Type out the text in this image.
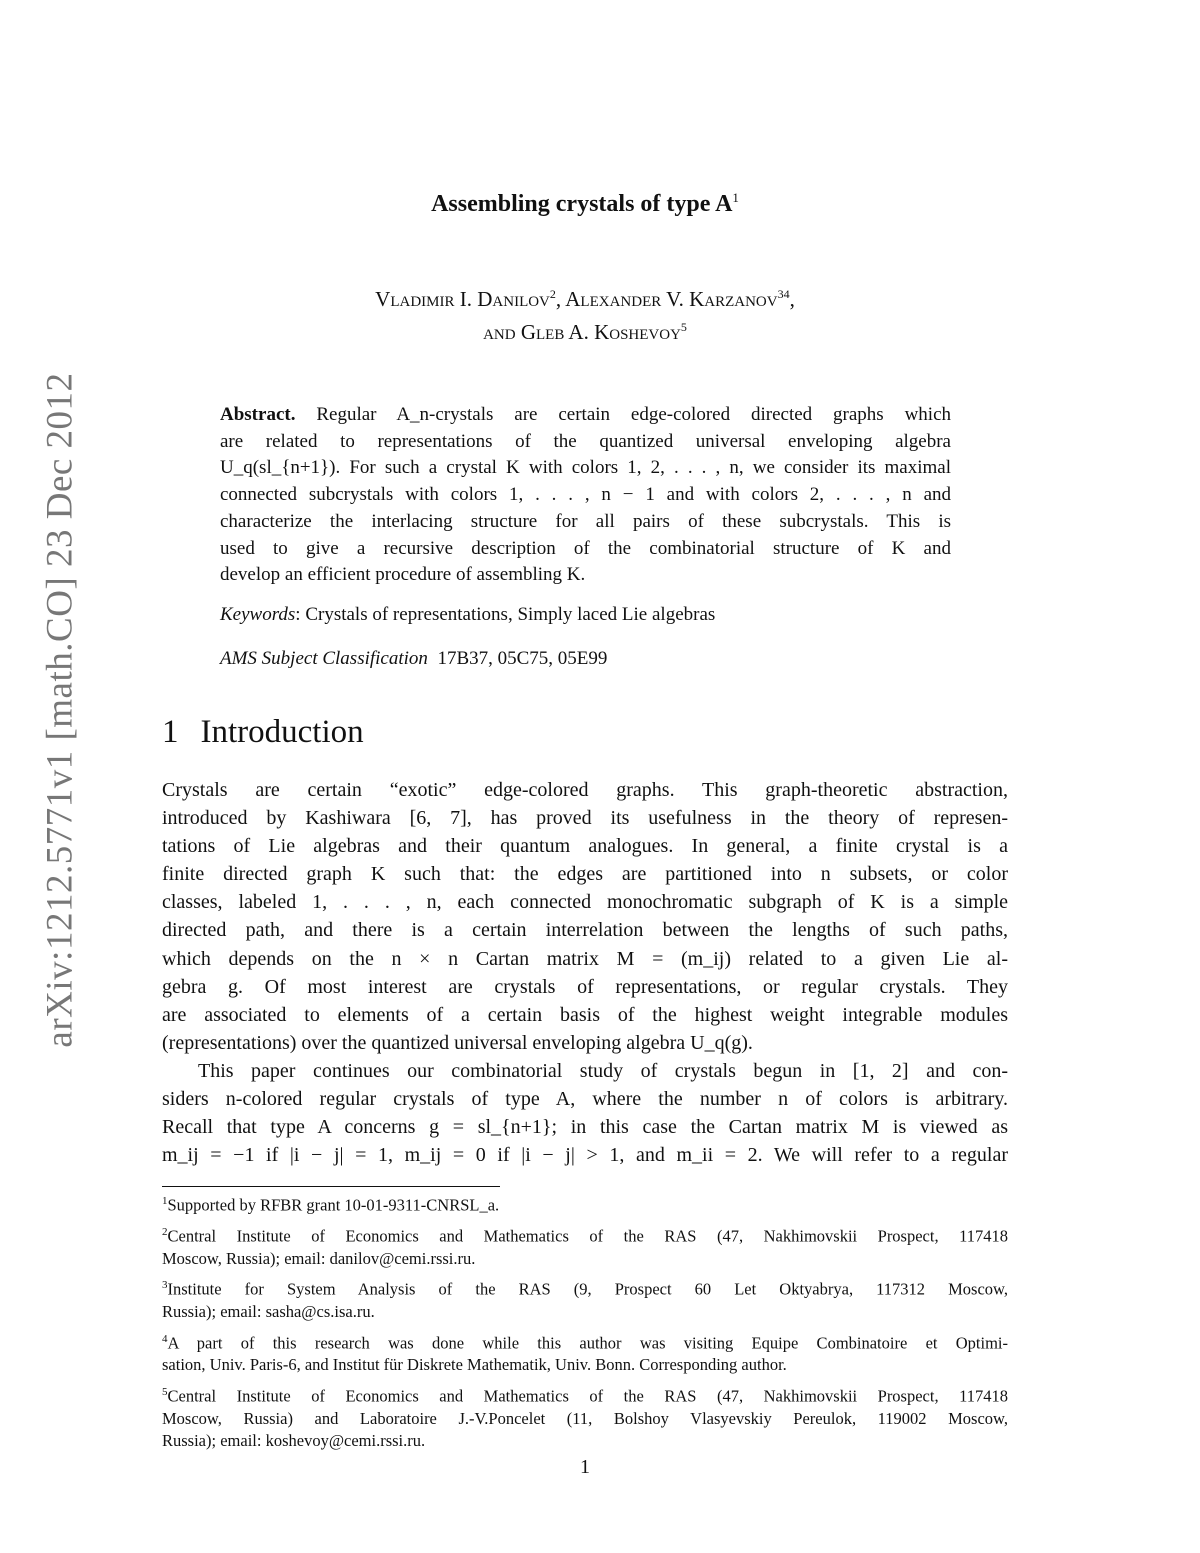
arXiv:1212.5771v1 [math.CO] 23 Dec 2012
Assembling crystals of type $A^1$
Vladimir I. Danilov$^2$, Alexander V. Karzanov$^{34}$,
and Gleb A. Koshevoy$^5$
Abstract. Regular A_n-crystals are certain edge-colored directed graphs which
are related to representations of the quantized universal enveloping algebra
U_q(sl_{n+1}). For such a crystal K with colors 1, 2, . . . , n, we consider its maximal
connected subcrystals with colors 1, . . . , n − 1 and with colors 2, . . . , n and
characterize the interlacing structure for all pairs of these subcrystals. This is
used to give a recursive description of the combinatorial structure of K and
develop an efficient procedure of assembling K.
Keywords: Crystals of representations, Simply laced Lie algebras
AMS Subject Classification 17B37, 05C75, 05E99
1 Introduction
Crystals are certain “exotic” edge-colored graphs. This graph-theoretic abstraction,
introduced by Kashiwara [6, 7], has proved its usefulness in the theory of represen-
tations of Lie algebras and their quantum analogues. In general, a finite crystal is a
finite directed graph K such that: the edges are partitioned into n subsets, or color
classes, labeled 1, . . . , n, each connected monochromatic subgraph of K is a simple
directed path, and there is a certain interrelation between the lengths of such paths,
which depends on the n × n Cartan matrix M = (m_ij) related to a given Lie al-
gebra g. Of most interest are crystals of representations, or regular crystals. They
are associated to elements of a certain basis of the highest weight integrable modules
(representations) over the quantized universal enveloping algebra U_q(g).
This paper continues our combinatorial study of crystals begun in [1, 2] and con-
siders n-colored regular crystals of type A, where the number n of colors is arbitrary.
Recall that type A concerns g = sl_{n+1}; in this case the Cartan matrix M is viewed as
m_ij = −1 if |i − j| = 1, m_ij = 0 if |i − j| > 1, and m_ii = 2. We will refer to a regular
$^1$Supported by RFBR grant 10-01-9311-CNRSL_a.
$^2$Central Institute of Economics and Mathematics of the RAS (47, Nakhimovskii Prospect, 117418
Moscow, Russia); email: danilov@cemi.rssi.ru.
$^3$Institute for System Analysis of the RAS (9, Prospect 60 Let Oktyabrya, 117312 Moscow,
Russia); email: sasha@cs.isa.ru.
$^4$A part of this research was done while this author was visiting Equipe Combinatoire et Optimi-
sation, Univ. Paris-6, and Institut für Diskrete Mathematik, Univ. Bonn. Corresponding author.
$^5$Central Institute of Economics and Mathematics of the RAS (47, Nakhimovskii Prospect, 117418
Moscow, Russia) and Laboratoire J.-V.Poncelet (11, Bolshoy Vlasyevskiy Pereulok, 119002 Moscow,
Russia); email: koshevoy@cemi.rssi.ru.
1
